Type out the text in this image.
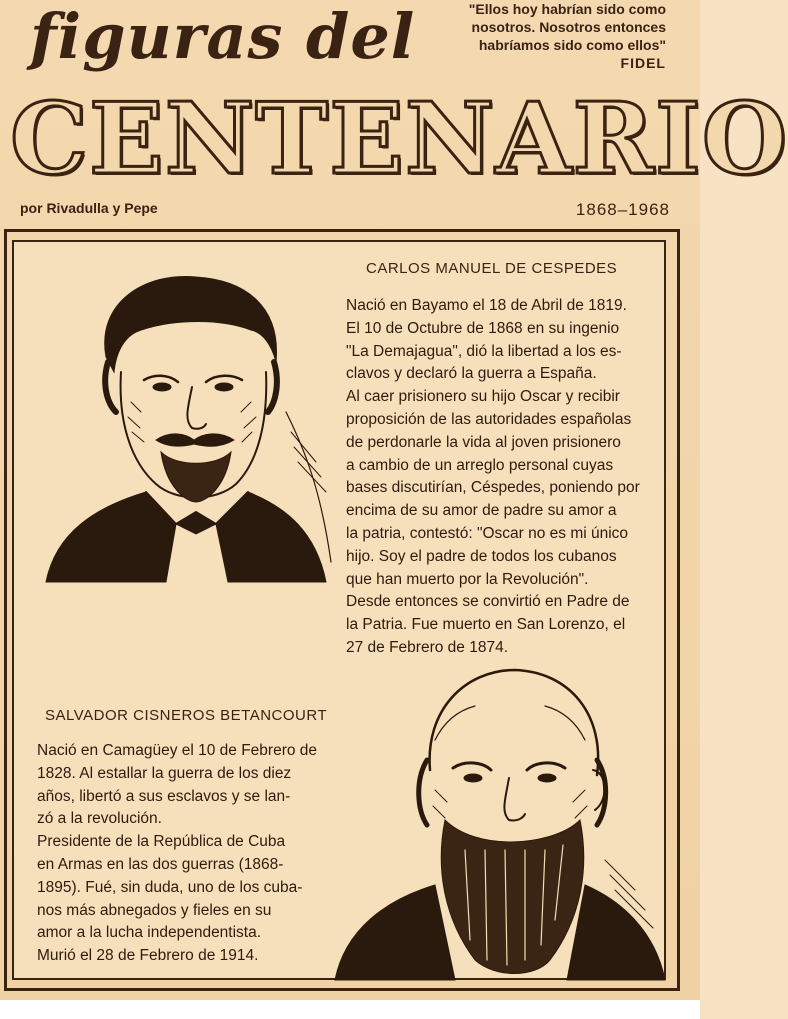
figuras del	"Ellos hoy habrían sido como
nosotros. Nosotros entonces
habríamos sido como ellos"
FIDEL
CENTENARIO
por Rivadulla y Pepe	1868–1968
CARLOS MANUEL DE CESPEDES
Nació en Bayamo el 18 de Abril de 1819.
El 10 de Octubre de 1868 en su ingenio
"La Demajagua", dió la libertad a los es-
clavos y declaró la guerra a España.
Al caer prisionero su hijo Oscar y recibir
proposición de las autoridades españolas
de perdonarle la vida al joven prisionero
a cambio de un arreglo personal cuyas
bases discutirían, Céspedes, poniendo por
encima de su amor de padre su amor a
la patria, contestó: "Oscar no es mi único
hijo. Soy el padre de todos los cubanos
que han muerto por la Revolución".
Desde entonces se convirtió en Padre de
la Patria. Fue muerto en San Lorenzo, el
27 de Febrero de 1874.
SALVADOR CISNEROS BETANCOURT
Nació en Camagüey el 10 de Febrero de
1828. Al estallar la guerra de los diez
años, libertó a sus esclavos y se lan-
zó a la revolución.
Presidente de la República de Cuba
en Armas en las dos guerras (1868-
1895). Fué, sin duda, uno de los cuba-
nos más abnegados y fieles en su
amor a la lucha independentista.
Murió el 28 de Febrero de 1914.
